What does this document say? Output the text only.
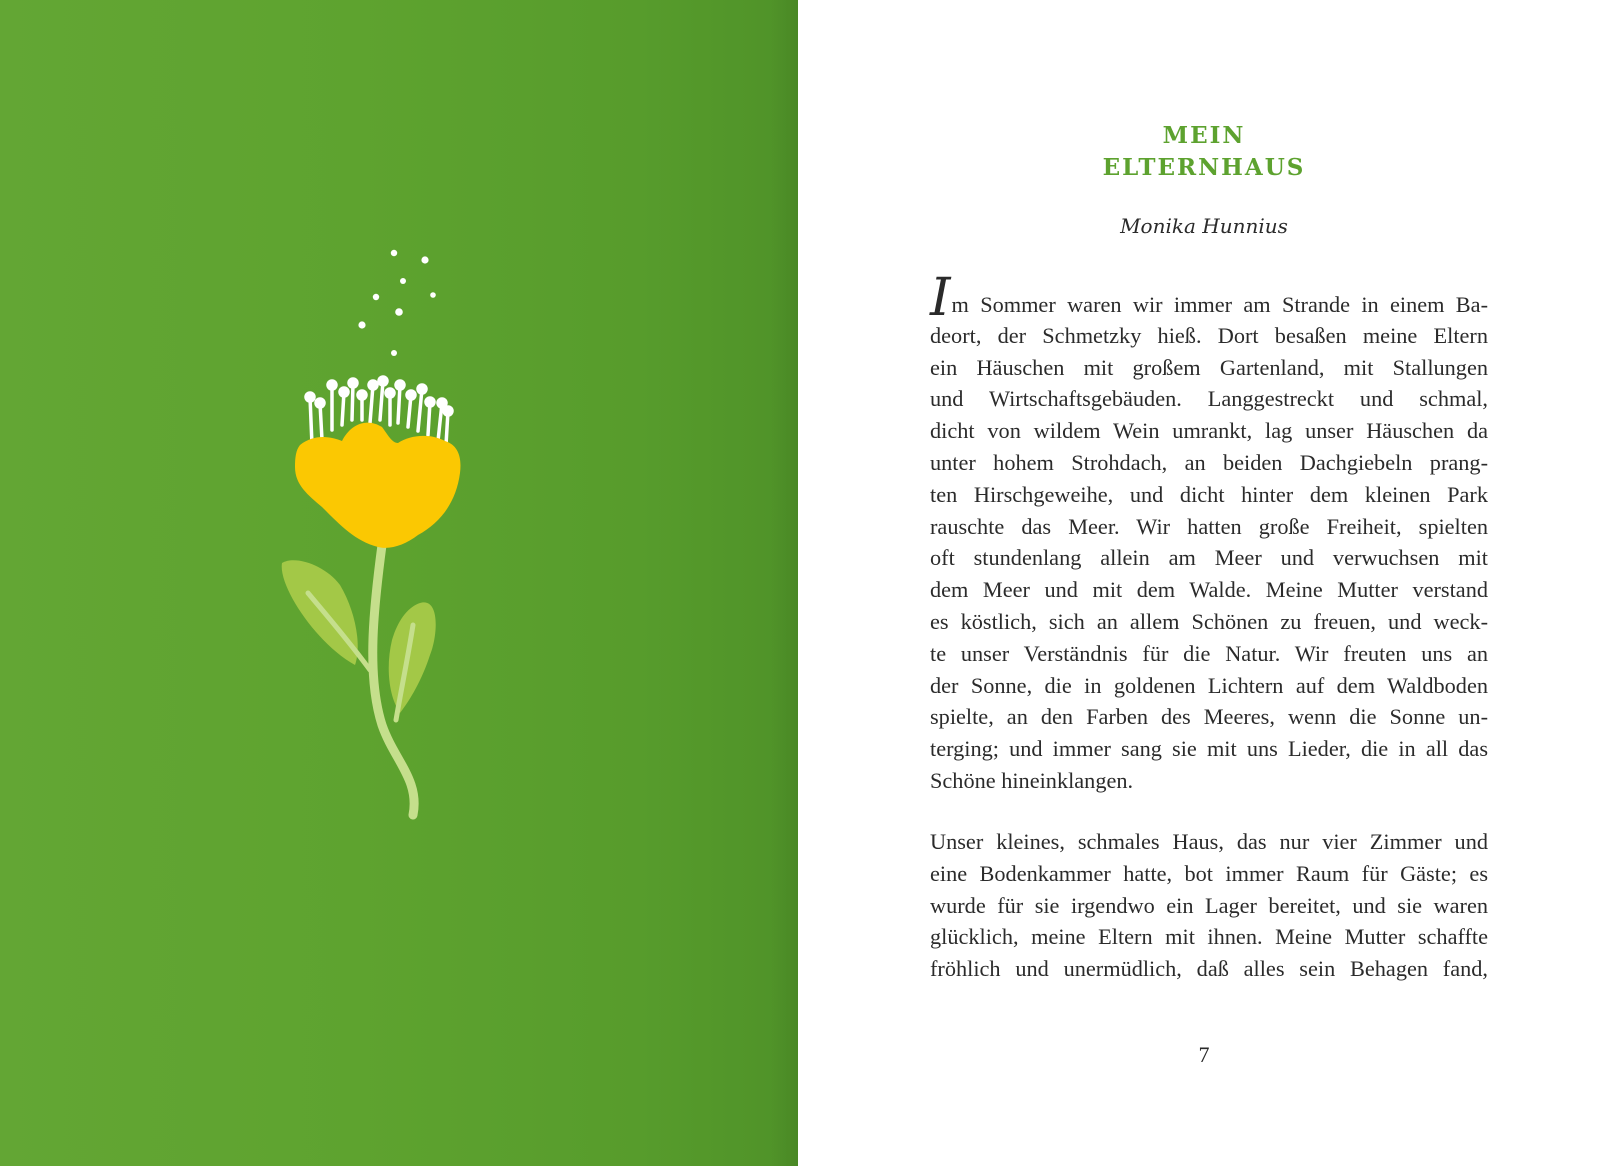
MEIN
ELTERNHAUS

Monika Hunnius

Im Sommer waren wir immer am Strande in einem Ba-
deort, der Schmetzky hieß. Dort besaßen meine Eltern
ein Häuschen mit großem Gartenland, mit Stallungen
und Wirtschaftsgebäuden. Langgestreckt und schmal,
dicht von wildem Wein umrankt, lag unser Häuschen da
unter hohem Strohdach, an beiden Dachgiebeln prang-
ten Hirschgeweihe, und dicht hinter dem kleinen Park
rauschte das Meer. Wir hatten große Freiheit, spielten
oft stundenlang allein am Meer und verwuchsen mit
dem Meer und mit dem Walde. Meine Mutter verstand
es köstlich, sich an allem Schönen zu freuen, und weck-
te unser Verständnis für die Natur. Wir freuten uns an
der Sonne, die in goldenen Lichtern auf dem Waldboden
spielte, an den Farben des Meeres, wenn die Sonne un-
terging; und immer sang sie mit uns Lieder, die in all das
Schöne hineinklangen.
Unser kleines, schmales Haus, das nur vier Zimmer und
eine Bodenkammer hatte, bot immer Raum für Gäste; es
wurde für sie irgendwo ein Lager bereitet, und sie waren
glücklich, meine Eltern mit ihnen. Meine Mutter schaffte
fröhlich und unermüdlich, daß alles sein Behagen fand,

7
